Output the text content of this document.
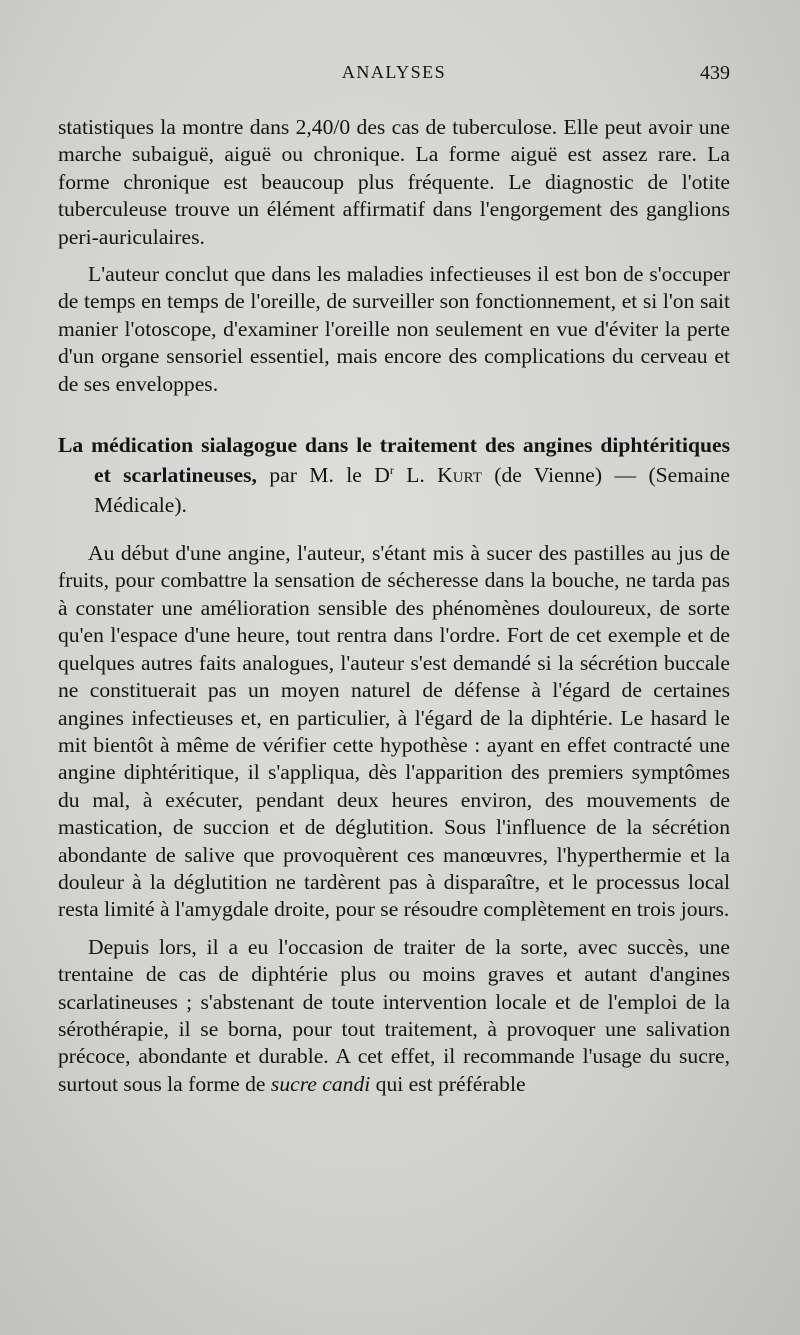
ANALYSES	439

statistiques la montre dans 2,40/0 des cas de tuberculose. Elle peut avoir une marche subaiguë, aiguë ou chronique. La forme aiguë est assez rare. La forme chronique est beaucoup plus fréquente. Le diagnostic de l'otite tuberculeuse trouve un élément affirmatif dans l'engorgement des ganglions peri-auriculaires.

L'auteur conclut que dans les maladies infectieuses il est bon de s'occuper de temps en temps de l'oreille, de surveiller son fonctionnement, et si l'on sait manier l'otoscope, d'examiner l'oreille non seulement en vue d'éviter la perte d'un organe sensoriel essentiel, mais encore des complications du cerveau et de ses enveloppes.

La médication sialagogue dans le traitement des angines diphtéritiques et scarlatineuses, par M. le $D^r$ L. Kurt (de Vienne) — (Semaine Médicale).

Au début d'une angine, l'auteur, s'étant mis à sucer des pastilles au jus de fruits, pour combattre la sensation de sécheresse dans la bouche, ne tarda pas à constater une amélioration sensible des phénomènes douloureux, de sorte qu'en l'espace d'une heure, tout rentra dans l'ordre. Fort de cet exemple et de quelques autres faits analogues, l'auteur s'est demandé si la sécrétion buccale ne constituerait pas un moyen naturel de défense à l'égard de certaines angines infectieuses et, en particulier, à l'égard de la diphtérie. Le hasard le mit bientôt à même de vérifier cette hypothèse : ayant en effet contracté une angine diphtéritique, il s'appliqua, dès l'apparition des premiers symptômes du mal, à exécuter, pendant deux heures environ, des mouvements de mastication, de succion et de déglutition. Sous l'influence de la sécrétion abondante de salive que provoquèrent ces manœuvres, l'hyperthermie et la douleur à la déglutition ne tardèrent pas à disparaître, et le processus local resta limité à l'amygdale droite, pour se résoudre complètement en trois jours.

Depuis lors, il a eu l'occasion de traiter de la sorte, avec succès, une trentaine de cas de diphtérie plus ou moins graves et autant d'angines scarlatineuses ; s'abstenant de toute intervention locale et de l'emploi de la sérothérapie, il se borna, pour tout traitement, à provoquer une salivation précoce, abondante et durable. A cet effet, il recommande l'usage du sucre, surtout sous la forme de sucre candi qui est préférable
